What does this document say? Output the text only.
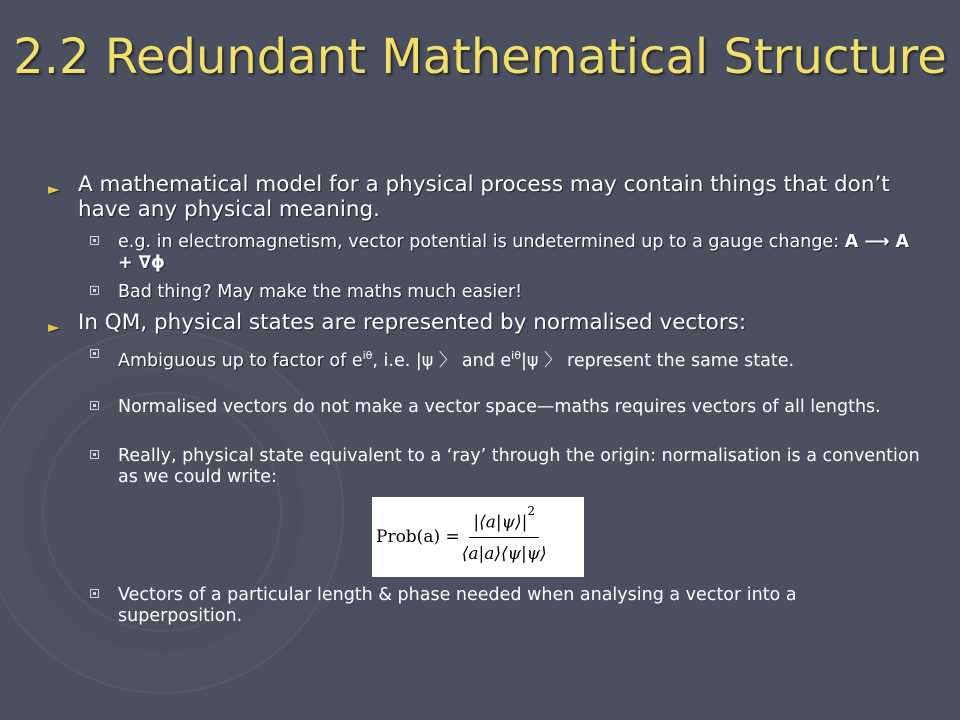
2.2 Redundant Mathematical Structure
► A mathematical model for a physical process may contain things that don’t have any physical meaning.
e.g. in electromagnetism, vector potential is undetermined up to a gauge change: A ⟶ A + ∇ϕ
Bad thing? May make the maths much easier!
► In QM, physical states are represented by normalised vectors:
Ambiguous up to factor of $e^{i\theta}$, i.e. |ψ 〉 and $e^{i\theta}|\psi$ 〉 represent the same state.
Normalised vectors do not make a vector space—maths requires vectors of all lengths.
Really, physical state equivalent to a ‘ray’ through the origin: normalisation is a convention as we could write:
Prob(a) = $\frac{|⟨a|\psi⟩|^2}{⟨a|a⟩⟨\psi|\psi⟩}$
Vectors of a particular length & phase needed when analysing a vector into a superposition.
